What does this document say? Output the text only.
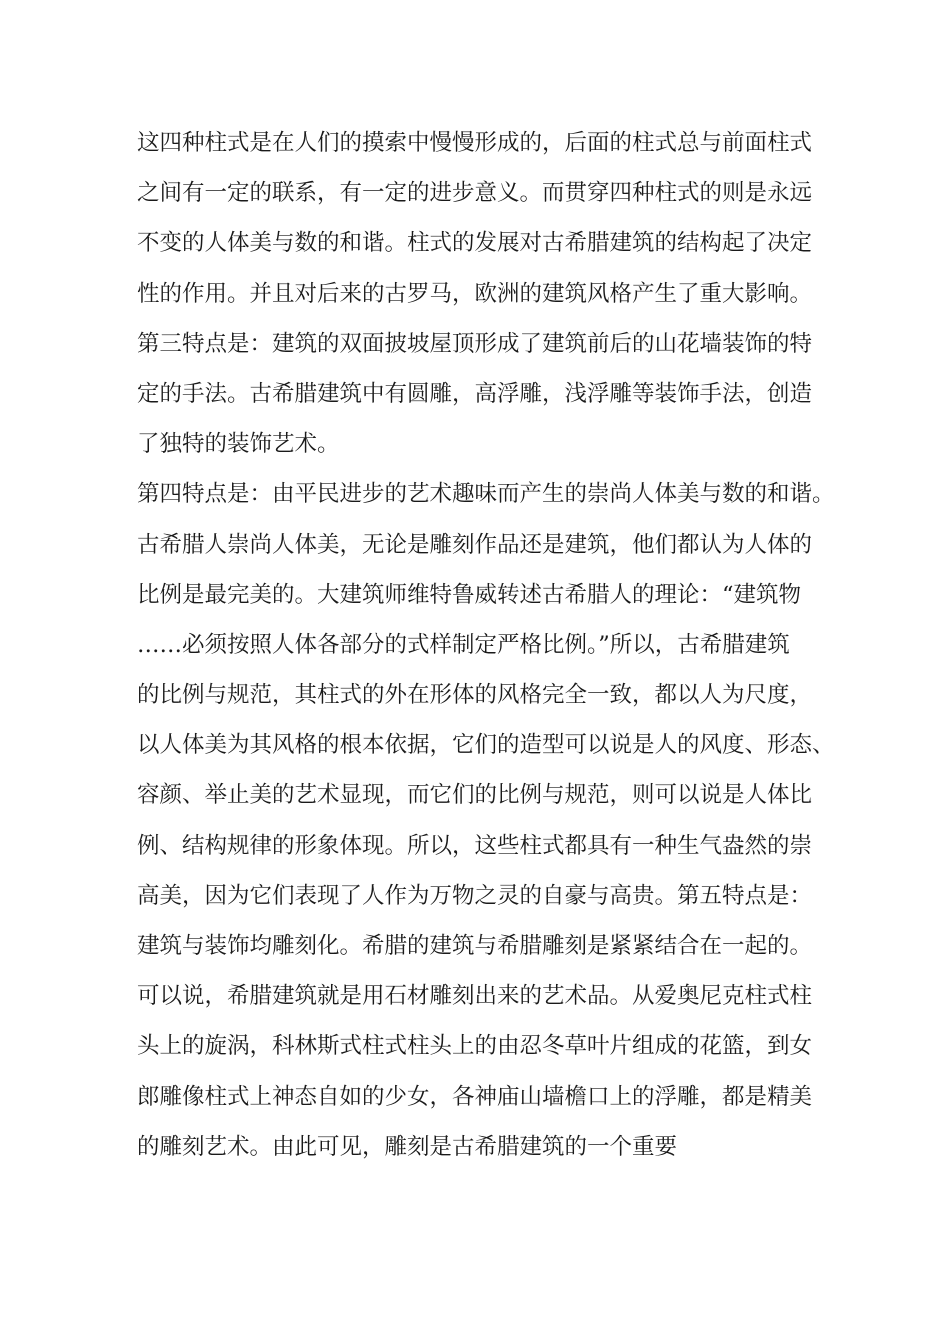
这四种柱式是在人们的摸索中慢慢形成的，后面的柱式总与前面柱式
之间有一定的联系，有一定的进步意义。而贯穿四种柱式的则是永远
不变的人体美与数的和谐。柱式的发展对古希腊建筑的结构起了决定
性的作用。并且对后来的古罗马，欧洲的建筑风格产生了重大影响。
第三特点是：建筑的双面披坡屋顶形成了建筑前后的山花墙装饰的特
定的手法。古希腊建筑中有圆雕，高浮雕，浅浮雕等装饰手法，创造
了独特的装饰艺术。
第四特点是：由平民进步的艺术趣味而产生的崇尚人体美与数的和谐。
古希腊人崇尚人体美，无论是雕刻作品还是建筑，他们都认为人体的
比例是最完美的。大建筑师维特鲁威转述古希腊人的理论：“建筑物
……必须按照人体各部分的式样制定严格比例。”所以，古希腊建筑
的比例与规范，其柱式的外在形体的风格完全一致，都以人为尺度，
以人体美为其风格的根本依据，它们的造型可以说是人的风度、形态、
容颜、举止美的艺术显现，而它们的比例与规范，则可以说是人体比
例、结构规律的形象体现。所以，这些柱式都具有一种生气盎然的崇
高美，因为它们表现了人作为万物之灵的自豪与高贵。第五特点是：
建筑与装饰均雕刻化。希腊的建筑与希腊雕刻是紧紧结合在一起的。
可以说，希腊建筑就是用石材雕刻出来的艺术品。从爱奥尼克柱式柱
头上的旋涡，科林斯式柱式柱头上的由忍冬草叶片组成的花篮，到女
郎雕像柱式上神态自如的少女，各神庙山墙檐口上的浮雕，都是精美
的雕刻艺术。由此可见，雕刻是古希腊建筑的一个重要
